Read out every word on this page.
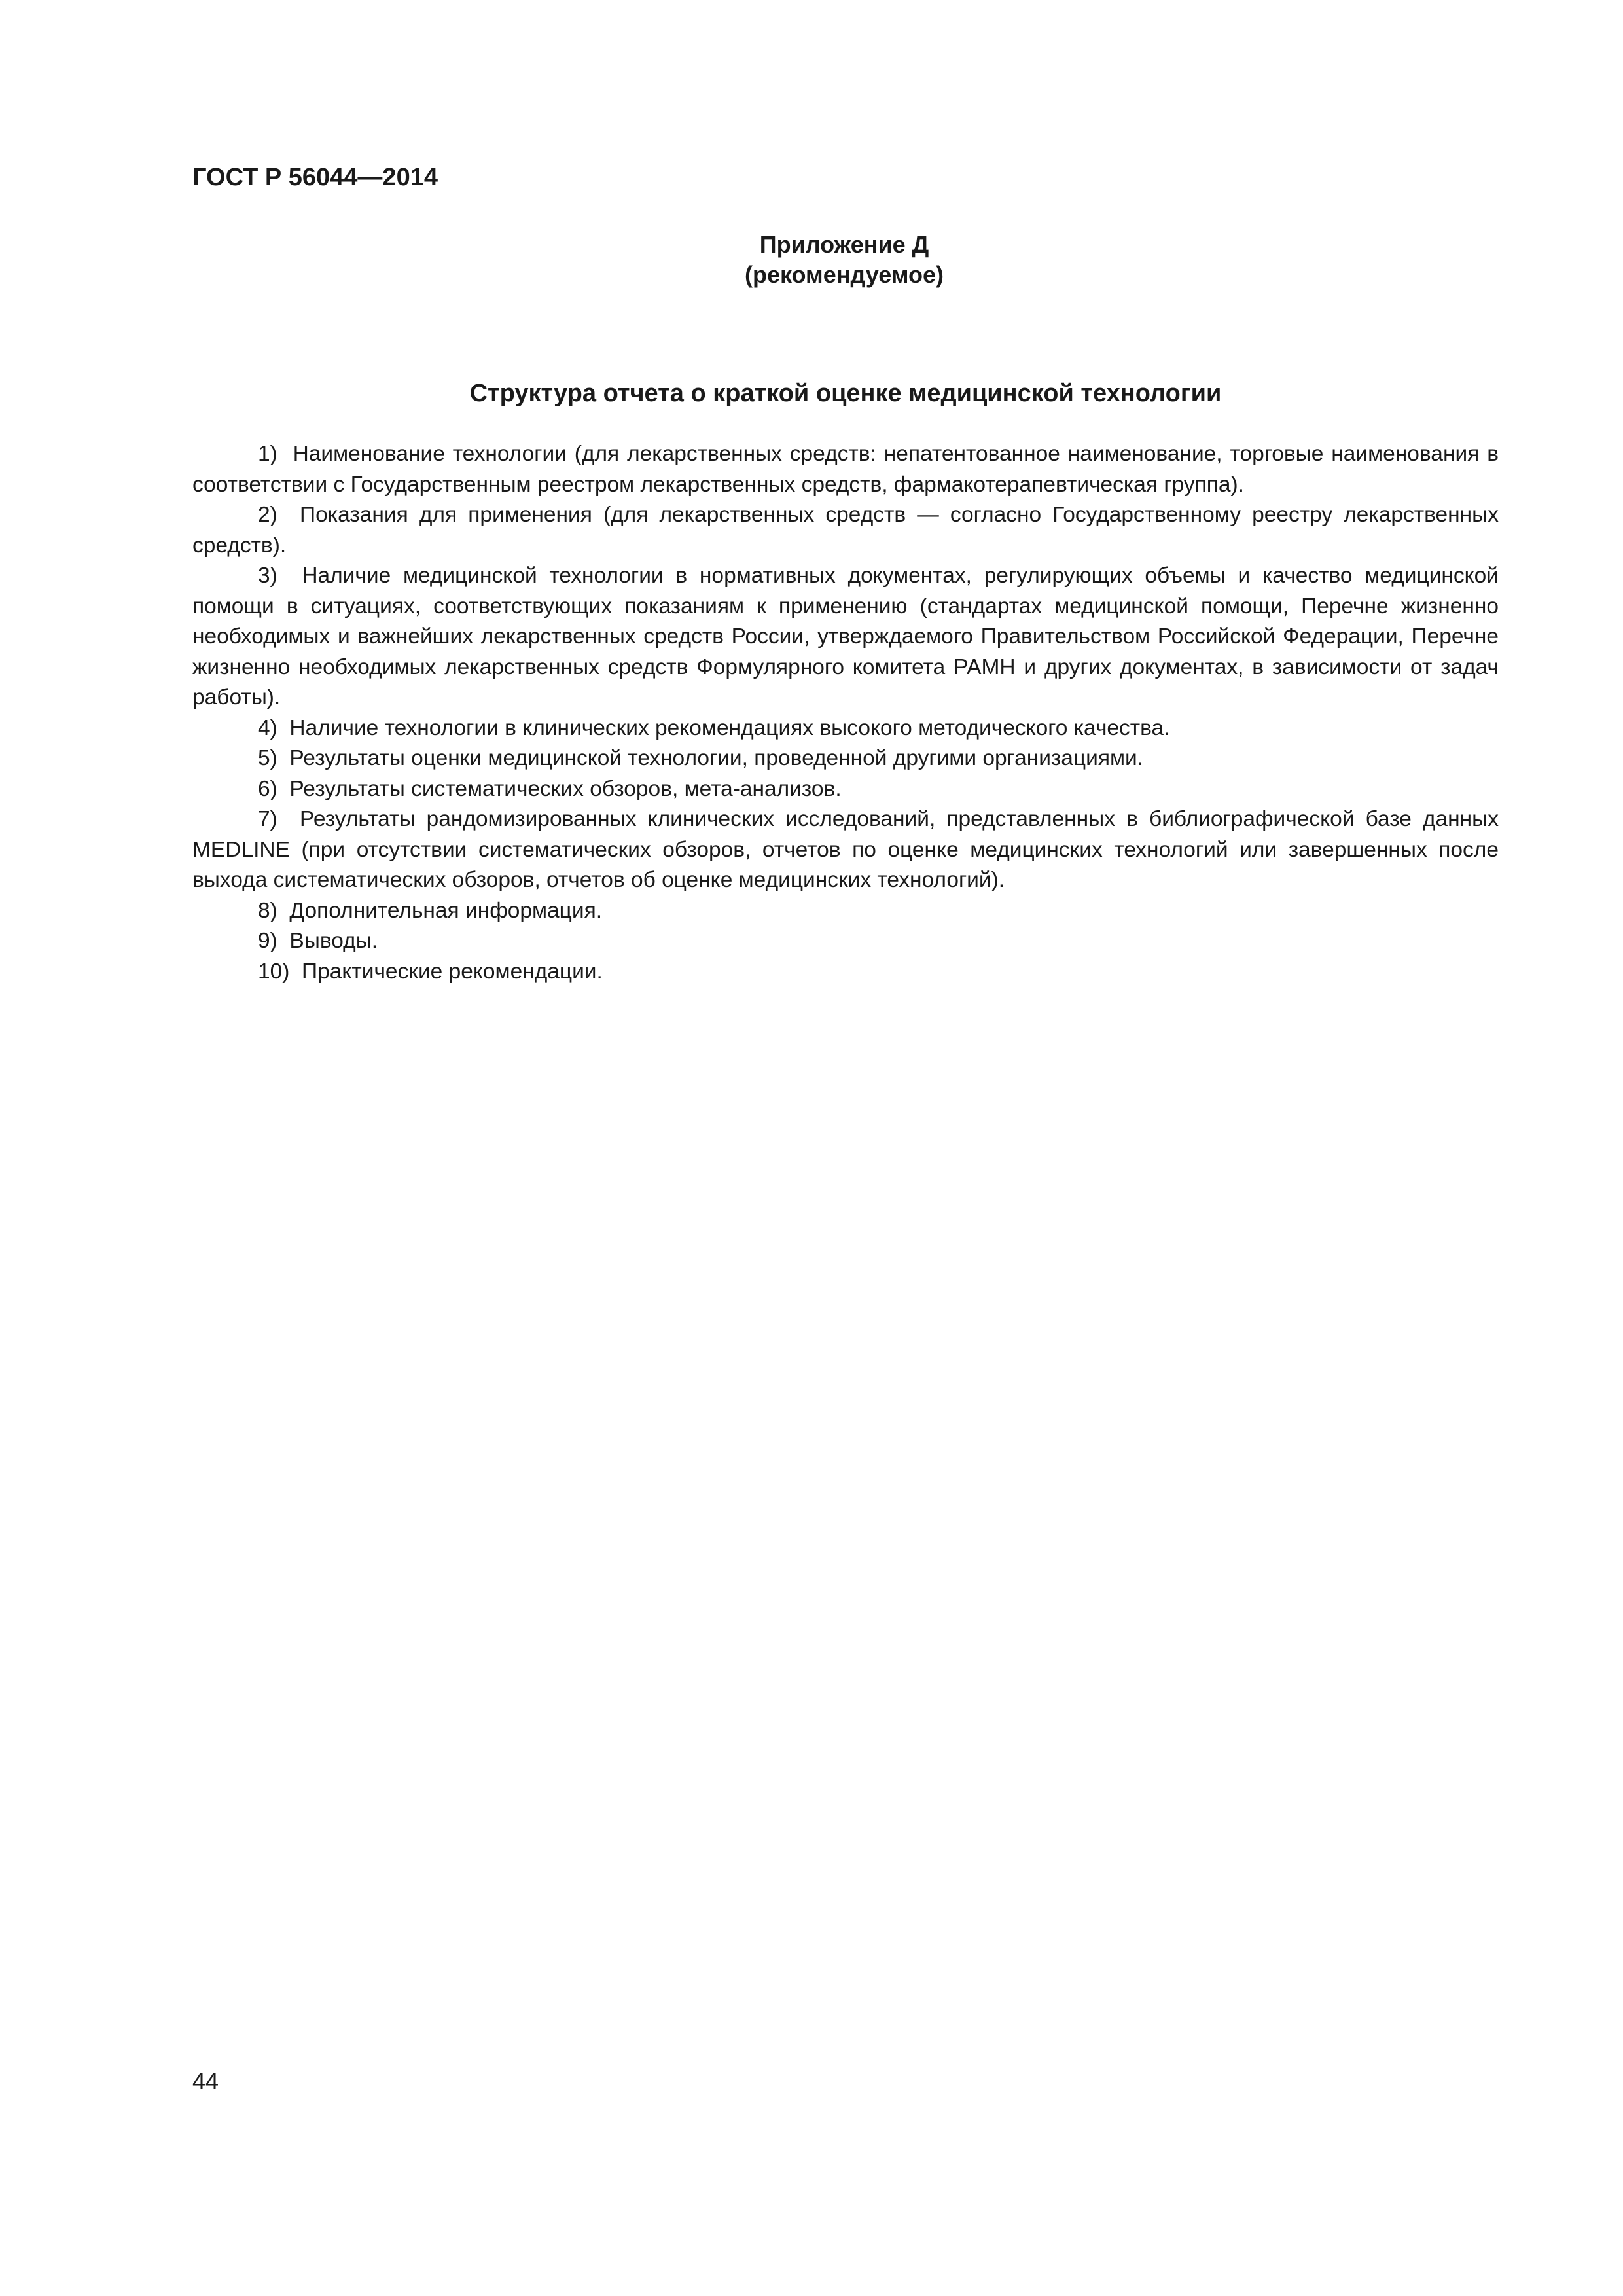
ГОСТ Р 56044—2014
Приложение Д
(рекомендуемое)
Структура отчета о краткой оценке медицинской технологии

1) Наименование технологии (для лекарственных средств: непатентованное наименование, торговые наименования в соответствии с Государственным реестром лекарственных средств, фармакотерапевтическая группа).

2) Показания для применения (для лекарственных средств — согласно Государственному реестру лекарственных средств).

3) Наличие медицинской технологии в нормативных документах, регулирующих объемы и качество медицинской помощи в ситуациях, соответствующих показаниям к применению (стандартах медицинской помощи, Перечне жизненно необходимых и важнейших лекарственных средств России, утверждаемого Правительством Российской Федерации, Перечне жизненно необходимых лекарственных средств Формулярного комитета РАМН и других документах, в зависимости от задач работы).

4) Наличие технологии в клинических рекомендациях высокого методического качества.

5) Результаты оценки медицинской технологии, проведенной другими организациями.

6) Результаты систематических обзоров, мета-анализов.

7) Результаты рандомизированных клинических исследований, представленных в библиографической базе данных MEDLINE (при отсутствии систематических обзоров, отчетов по оценке медицинских технологий или завершенных после выхода систематических обзоров, отчетов об оценке медицинских технологий).

8) Дополнительная информация.

9) Выводы.

10) Практические рекомендации.

44
